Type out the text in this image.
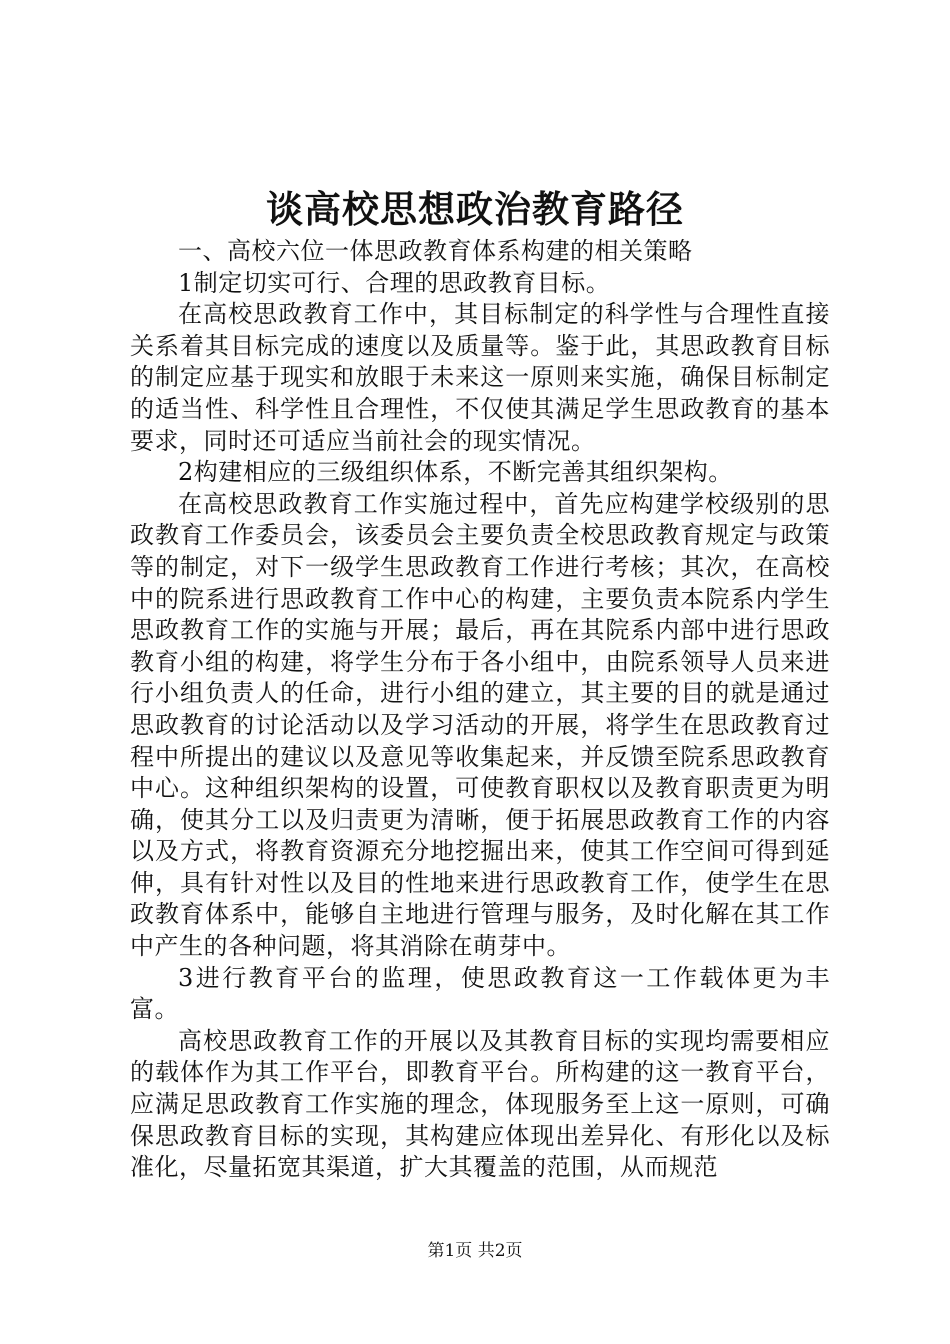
谈高校思想政治教育路径

一、高校六位一体思政教育体系构建的相关策略

1制定切实可行、合理的思政教育目标。

在高校思政教育工作中，其目标制定的科学性与合理性直接关系着其目标完成的速度以及质量等。鉴于此，其思政教育目标的制定应基于现实和放眼于未来这一原则来实施，确保目标制定的适当性、科学性且合理性，不仅使其满足学生思政教育的基本要求，同时还可适应当前社会的现实情况。

2构建相应的三级组织体系，不断完善其组织架构。

在高校思政教育工作实施过程中，首先应构建学校级别的思政教育工作委员会，该委员会主要负责全校思政教育规定与政策等的制定，对下一级学生思政教育工作进行考核；其次，在高校中的院系进行思政教育工作中心的构建，主要负责本院系内学生思政教育工作的实施与开展；最后，再在其院系内部中进行思政教育小组的构建，将学生分布于各小组中，由院系领导人员来进行小组负责人的任命，进行小组的建立，其主要的目的就是通过思政教育的讨论活动以及学习活动的开展，将学生在思政教育过程中所提出的建议以及意见等收集起来，并反馈至院系思政教育中心。这种组织架构的设置，可使教育职权以及教育职责更为明确，使其分工以及归责更为清晰，便于拓展思政教育工作的内容以及方式，将教育资源充分地挖掘出来，使其工作空间可得到延伸，具有针对性以及目的性地来进行思政教育工作，使学生在思政教育体系中，能够自主地进行管理与服务，及时化解在其工作中产生的各种问题，将其消除在萌芽中。

3进行教育平台的监理，使思政教育这一工作载体更为丰富。

高校思政教育工作的开展以及其教育目标的实现均需要相应的载体作为其工作平台，即教育平台。所构建的这一教育平台，应满足思政教育工作实施的理念，体现服务至上这一原则，可确保思政教育目标的实现，其构建应体现出差异化、有形化以及标准化，尽量拓宽其渠道，扩大其覆盖的范围，从而规范

第1页 共2页
